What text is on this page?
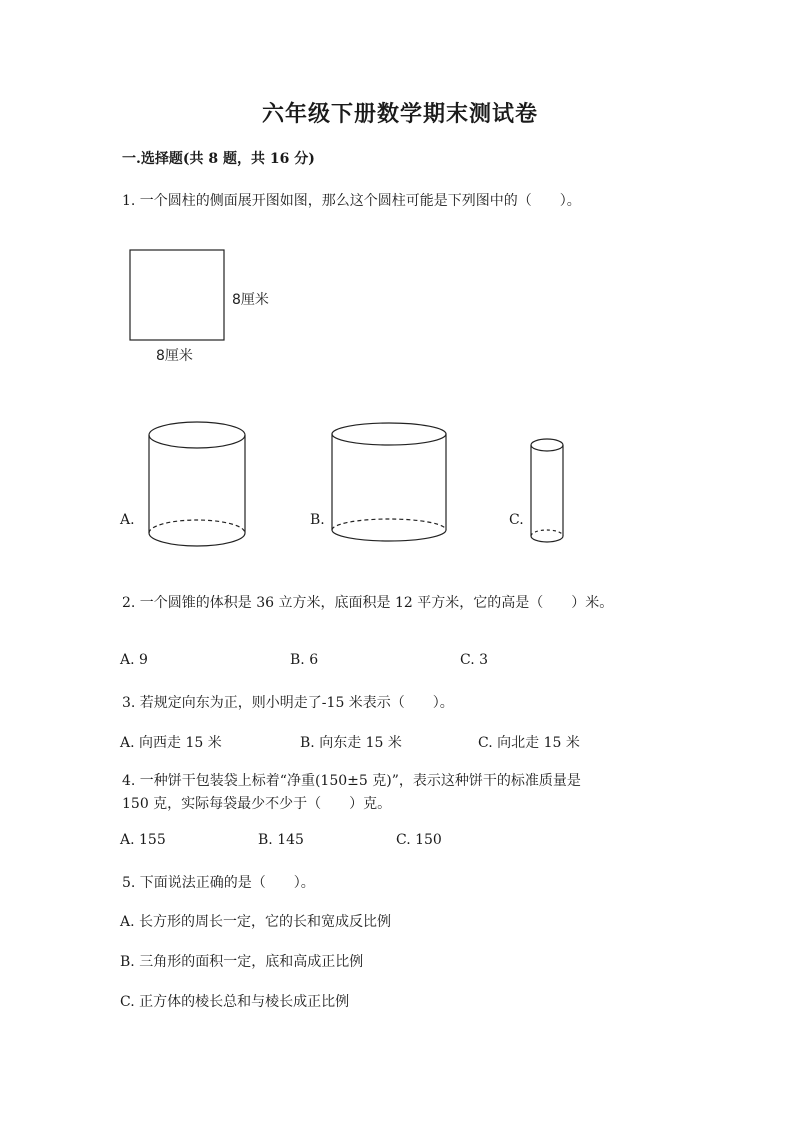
六年级下册数学期末测试卷
一.选择题(共 8 题，共 16 分)
1. 一个圆柱的侧面展开图如图，那么这个圆柱可能是下列图中的（　　）。
8厘米
8厘米
A.	B.	C.
2. 一个圆锥的体积是 36 立方米，底面积是 12 平方米，它的高是（　　）米。
A. 9	B. 6	C. 3
3. 若规定向东为正，则小明走了-15 米表示（　　）。
A. 向西走 15 米	B. 向东走 15 米	C. 向北走 15 米
4. 一种饼干包装袋上标着“净重(150±5 克)”，表示这种饼干的标准质量是
150 克，实际每袋最少不少于（　　）克。
A. 155	B. 145	C. 150
5. 下面说法正确的是（　　）。
A. 长方形的周长一定，它的长和宽成反比例
B. 三角形的面积一定，底和高成正比例
C. 正方体的棱长总和与棱长成正比例
